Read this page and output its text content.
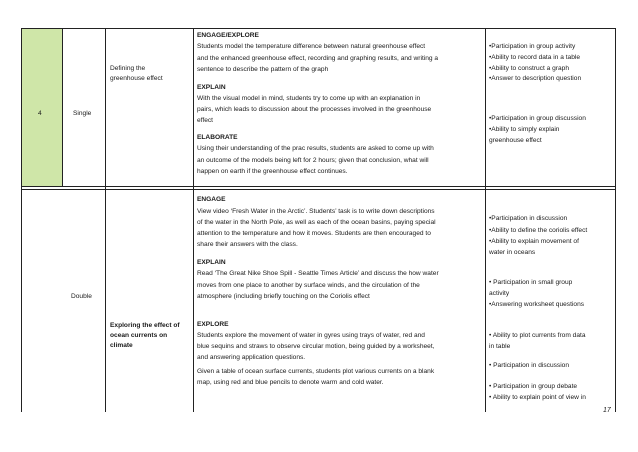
4	Single
Defining the
greenhouse effect
ENGAGE/EXPLORE
Students model the temperature difference between natural greenhouse effect
and the enhanced greenhouse effect, recording and graphing results, and writing a
sentence to describe the pattern of the graph
EXPLAIN
With the visual model in mind, students try to come up with an explanation in
pairs, which leads to discussion about the processes involved in the greenhouse
effect
ELABORATE
Using their understanding of the prac results, students are asked to come up with
an outcome of the models being left for 2 hours; given that conclusion, what will
happen on earth if the greenhouse effect continues.
•Participation in group activity
•Ability to record data in a table
•Ability to construct a graph
•Answer to description question
•Participation in group discussion
•Ability to simply explain
greenhouse effect
Double
Exploring the effect of
ocean currents on
climate
ENGAGE
View video ‘Fresh Water in the Arctic’. Students’ task is to write down descriptions
of the water in the North Pole, as well as each of the ocean basins, paying special
attention to the temperature and how it moves. Students are then encouraged to
share their answers with the class.
EXPLAIN
Read ‘The Great Nike Shoe Spill - Seattle Times Article’ and discuss the how water
moves from one place to another by surface winds, and the circulation of the
atmosphere (including briefly touching on the Coriolis effect
EXPLORE
Students explore the movement of water in gyres using trays of water, red and
blue sequins and straws to observe circular motion, being guided by a worksheet,
and answering application questions.
Given a table of ocean surface currents, students plot various currents on a blank
map, using red and blue pencils to denote warm and cold water.
•Participation in discussion
•Ability to define the coriolis effect
•Ability to explain movement of
water in oceans
• Participation in small group
activity
•Answering worksheet questions
• Ability to plot currents from data
in table
• Participation in discussion
• Participation in group debate
• Ability to explain point of view in
17
